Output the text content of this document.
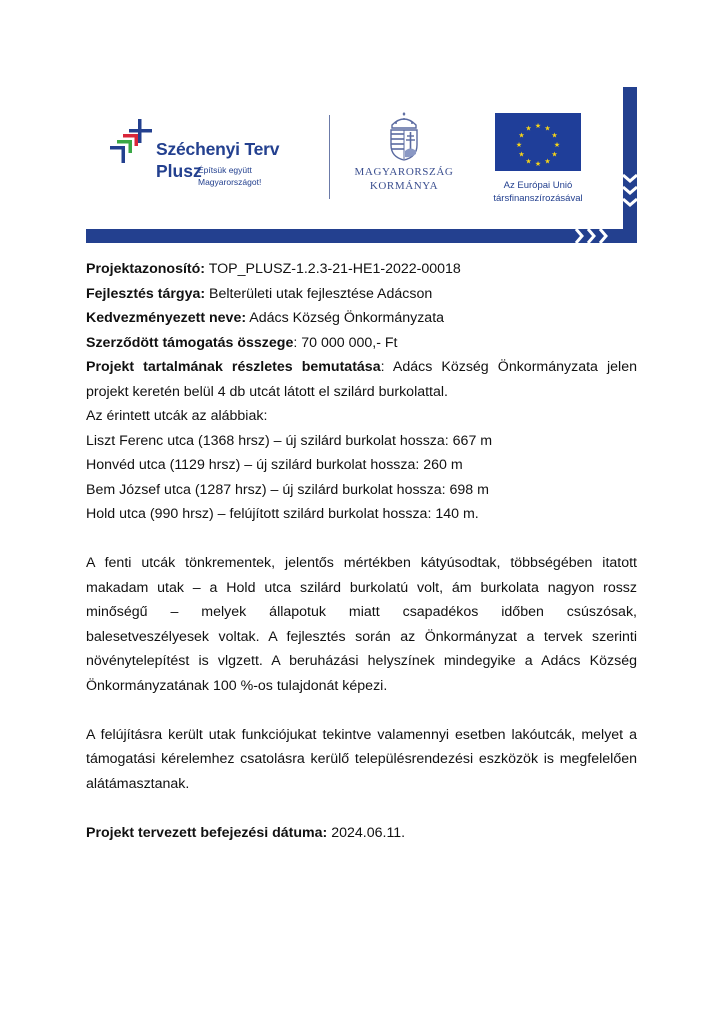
Széchenyi Terv
Plusz
Építsük együtt
Magyarországot!
MAGYARORSZÁG
KORMÁNYA
★ ★
★
★
★
★
★
★
★
★
★
★
Az Európai Unió
társfinanszírozásával

Projektazonosító: TOP_PLUSZ-1.2.3-21-HE1-2022-00018

Fejlesztés tárgya: Belterületi utak fejlesztése Adácson

Kedvezményezett neve: Adács Község Önkormányzata

Szerződött támogatás összege: 70 000 000,- Ft

Projekt tartalmának részletes bemutatása: Adács Község Önkormányzata jelen

projekt keretén belül 4 db utcát látott el szilárd burkolattal.

Az érintett utcák az alábbiak:

Liszt Ferenc utca (1368 hrsz) – új szilárd burkolat hossza: 667 m

Honvéd utca (1129 hrsz) – új szilárd burkolat hossza: 260 m

Bem József utca (1287 hrsz) – új szilárd burkolat hossza: 698 m

Hold utca (990 hrsz) – felújított szilárd burkolat hossza: 140 m.

A fenti utcák tönkrementek, jelentős mértékben kátyúsodtak, többségében itatott

makadam utak – a Hold utca szilárd burkolatú volt, ám burkolata nagyon rossz

minőségű – melyek állapotuk miatt csapadékos időben csúszósak,

balesetveszélyesek voltak. A fejlesztés során az Önkormányzat a tervek szerinti

növénytelepítést is vlgzett. A beruházási helyszínek mindegyike a Adács Község

Önkormányzatának 100 %-os tulajdonát képezi.

A felújításra került utak funkciójukat tekintve valamennyi esetben lakóutcák, melyet a

támogatási kérelemhez csatolásra kerülő településrendezési eszközök is megfelelően

alátámasztanak.

Projekt tervezett befejezési dátuma: 2024.06.11.
